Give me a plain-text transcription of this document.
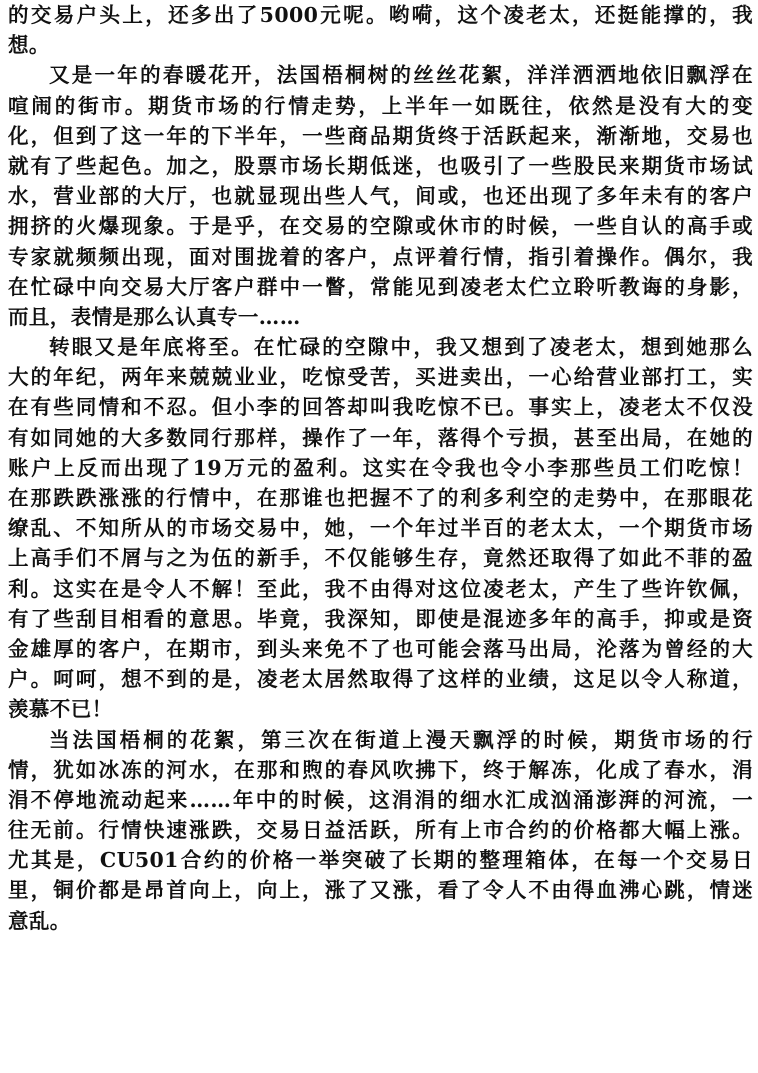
的交易户头上，还多出了5000元呢。哟嗬，这个凌老太，还挺能撑的，我
想。
又是一年的春暖花开，法国梧桐树的丝丝花絮，洋洋洒洒地依旧飘浮在
喧闹的街市。期货市场的行情走势，上半年一如既往，依然是没有大的变
化，但到了这一年的下半年，一些商品期货终于活跃起来，渐渐地，交易也
就有了些起色。加之，股票市场长期低迷，也吸引了一些股民来期货市场试
水，营业部的大厅，也就显现出些人气，间或，也还出现了多年未有的客户
拥挤的火爆现象。于是乎，在交易的空隙或休市的时候，一些自认的高手或
专家就频频出现，面对围拢着的客户，点评着行情，指引着操作。偶尔，我
在忙碌中向交易大厅客户群中一瞥，常能见到凌老太伫立聆听教诲的身影，
而且，表情是那么认真专一……
转眼又是年底将至。在忙碌的空隙中，我又想到了凌老太，想到她那么
大的年纪，两年来兢兢业业，吃惊受苦，买进卖出，一心给营业部打工，实
在有些同情和不忍。但小李的回答却叫我吃惊不已。事实上，凌老太不仅没
有如同她的大多数同行那样，操作了一年，落得个亏损，甚至出局，在她的
账户上反而出现了19万元的盈利。这实在令我也令小李那些员工们吃惊！
在那跌跌涨涨的行情中，在那谁也把握不了的利多利空的走势中，在那眼花
缭乱、不知所从的市场交易中，她，一个年过半百的老太太，一个期货市场
上高手们不屑与之为伍的新手，不仅能够生存，竟然还取得了如此不菲的盈
利。这实在是令人不解！至此，我不由得对这位凌老太，产生了些许钦佩，
有了些刮目相看的意思。毕竟，我深知，即使是混迹多年的高手，抑或是资
金雄厚的客户，在期市，到头来免不了也可能会落马出局，沦落为曾经的大
户。呵呵，想不到的是，凌老太居然取得了这样的业绩，这足以令人称道，
羡慕不已！
当法国梧桐的花絮，第三次在街道上漫天飘浮的时候，期货市场的行
情，犹如冰冻的河水，在那和煦的春风吹拂下，终于解冻，化成了春水，涓
涓不停地流动起来……年中的时候，这涓涓的细水汇成汹涌澎湃的河流，一
往无前。行情快速涨跌，交易日益活跃，所有上市合约的价格都大幅上涨。
尤其是，CU501合约的价格一举突破了长期的整理箱体，在每一个交易日
里，铜价都是昂首向上，向上，涨了又涨，看了令人不由得血沸心跳，情迷
意乱。
